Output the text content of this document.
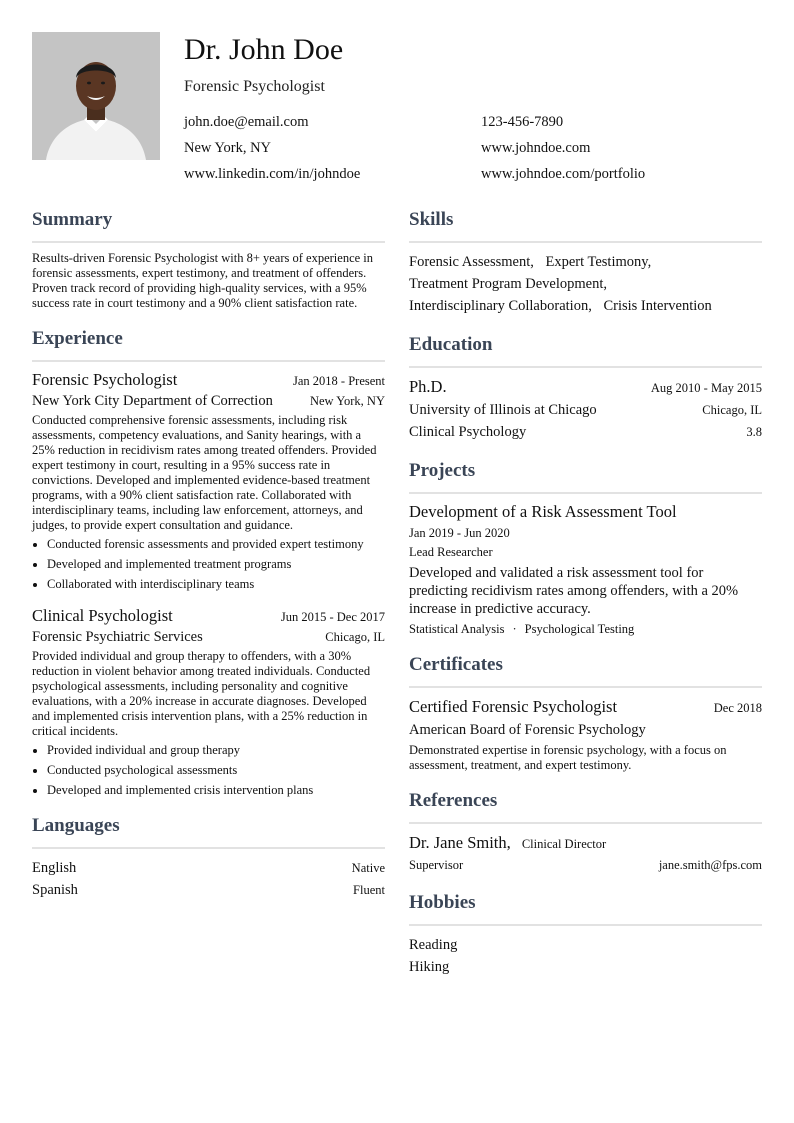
Dr. John Doe
Forensic Psychologist
john.doe@email.com	123-456-7890
New York, NY	www.johndoe.com
www.linkedin.com/in/johndoe	www.johndoe.com/portfolio
Summary
Results-driven Forensic Psychologist with 8+ years of experience in forensic assessments, expert testimony, and treatment of offenders. Proven track record of providing high-quality services, with a 95% success rate in court testimony and a 90% client satisfaction rate.
Experience
Forensic Psychologist	Jan 2018 - Present
New York City Department of Correction	New York, NY
Conducted comprehensive forensic assessments, including risk assessments, competency evaluations, and Sanity hearings, with a 25% reduction in recidivism rates among treated offenders. Provided expert testimony in court, resulting in a 95% success rate in convictions. Developed and implemented evidence-based treatment programs, with a 90% client satisfaction rate. Collaborated with interdisciplinary teams, including law enforcement, attorneys, and judges, to provide expert consultation and guidance.
• Conducted forensic assessments and provided expert testimony
• Developed and implemented treatment programs
• Collaborated with interdisciplinary teams
Clinical Psychologist	Jun 2015 - Dec 2017
Forensic Psychiatric Services	Chicago, IL
Provided individual and group therapy to offenders, with a 30% reduction in violent behavior among treated individuals. Conducted psychological assessments, including personality and cognitive evaluations, with a 20% increase in accurate diagnoses. Developed and implemented crisis intervention plans, with a 25% reduction in critical incidents.
• Provided individual and group therapy
• Conducted psychological assessments
• Developed and implemented crisis intervention plans
Languages
English	Native
Spanish	Fluent
Skills
Forensic Assessment, Expert Testimony,
Treatment Program Development,
Interdisciplinary Collaboration, Crisis Intervention
Education
Ph.D.	Aug 2010 - May 2015
University of Illinois at Chicago	Chicago, IL
Clinical Psychology	3.8
Projects
Development of a Risk Assessment Tool
Jan 2019 - Jun 2020
Lead Researcher
Developed and validated a risk assessment tool for predicting recidivism rates among offenders, with a 20% increase in predictive accuracy.
Statistical Analysis · Psychological Testing
Certificates
Certified Forensic Psychologist	Dec 2018
American Board of Forensic Psychology
Demonstrated expertise in forensic psychology, with a focus on assessment, treatment, and expert testimony.
References
Dr. Jane Smith, Clinical Director
Supervisor	jane.smith@fps.com
Hobbies
Reading
Hiking
